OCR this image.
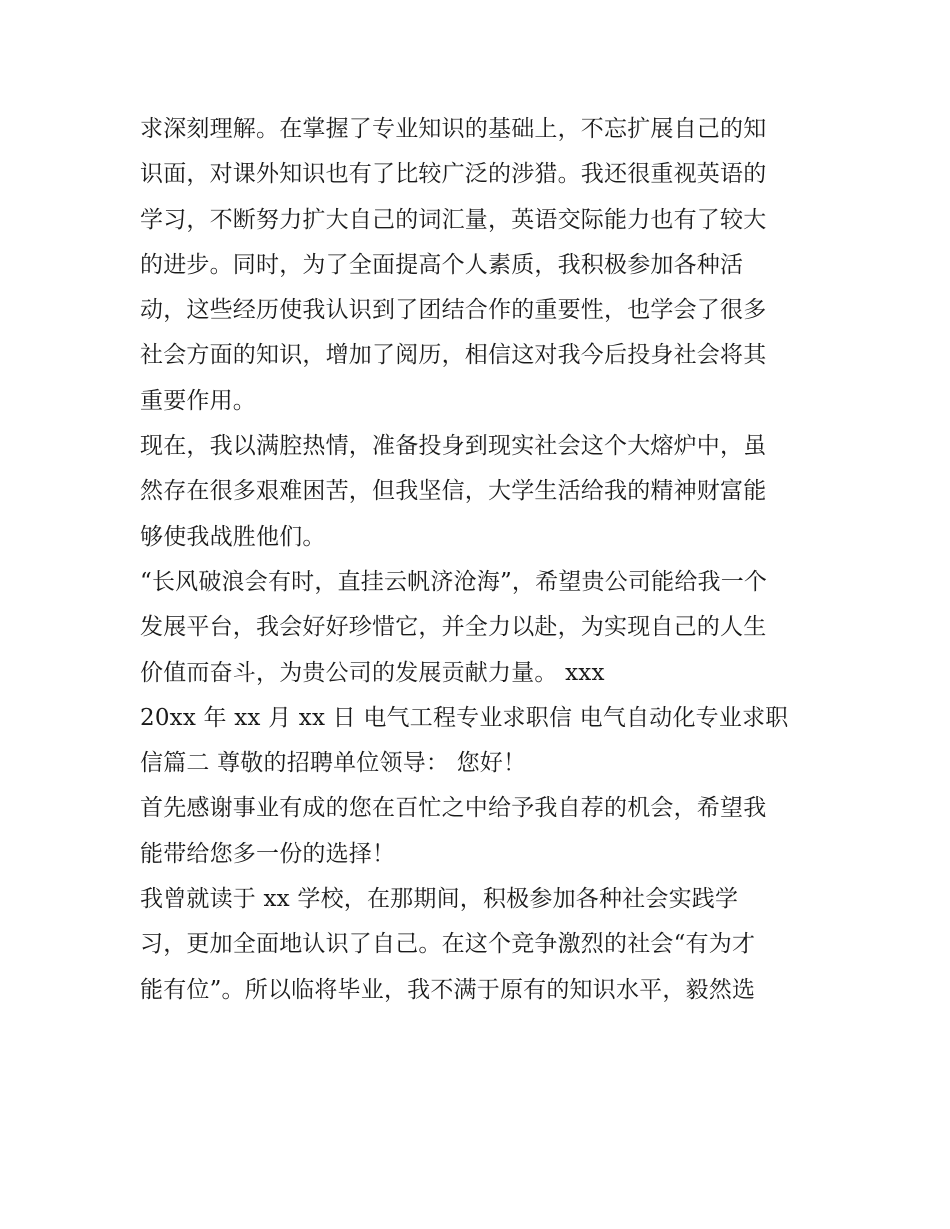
求深刻理解。在掌握了专业知识的基础上，不忘扩展自己的知
识面，对课外知识也有了比较广泛的涉猎。我还很重视英语的
学习，不断努力扩大自己的词汇量，英语交际能力也有了较大
的进步。同时，为了全面提高个人素质，我积极参加各种活
动，这些经历使我认识到了团结合作的重要性，也学会了很多
社会方面的知识，增加了阅历，相信这对我今后投身社会将其
重要作用。
现在，我以满腔热情，准备投身到现实社会这个大熔炉中，虽
然存在很多艰难困苦，但我坚信，大学生活给我的精神财富能
够使我战胜他们。
“长风破浪会有时，直挂云帆济沧海”，希望贵公司能给我一个
发展平台，我会好好珍惜它，并全力以赴，为实现自己的人生
价值而奋斗，为贵公司的发展贡献力量。 xxx
20xx 年 xx 月 xx 日 电气工程专业求职信 电气自动化专业求职
信篇二 尊敬的招聘单位领导： 您好！
首先感谢事业有成的您在百忙之中给予我自荐的机会，希望我
能带给您多一份的选择！
我曾就读于 xx 学校，在那期间，积极参加各种社会实践学
习，更加全面地认识了自己。在这个竞争激烈的社会“有为才
能有位”。所以临将毕业，我不满于原有的知识水平，毅然选
